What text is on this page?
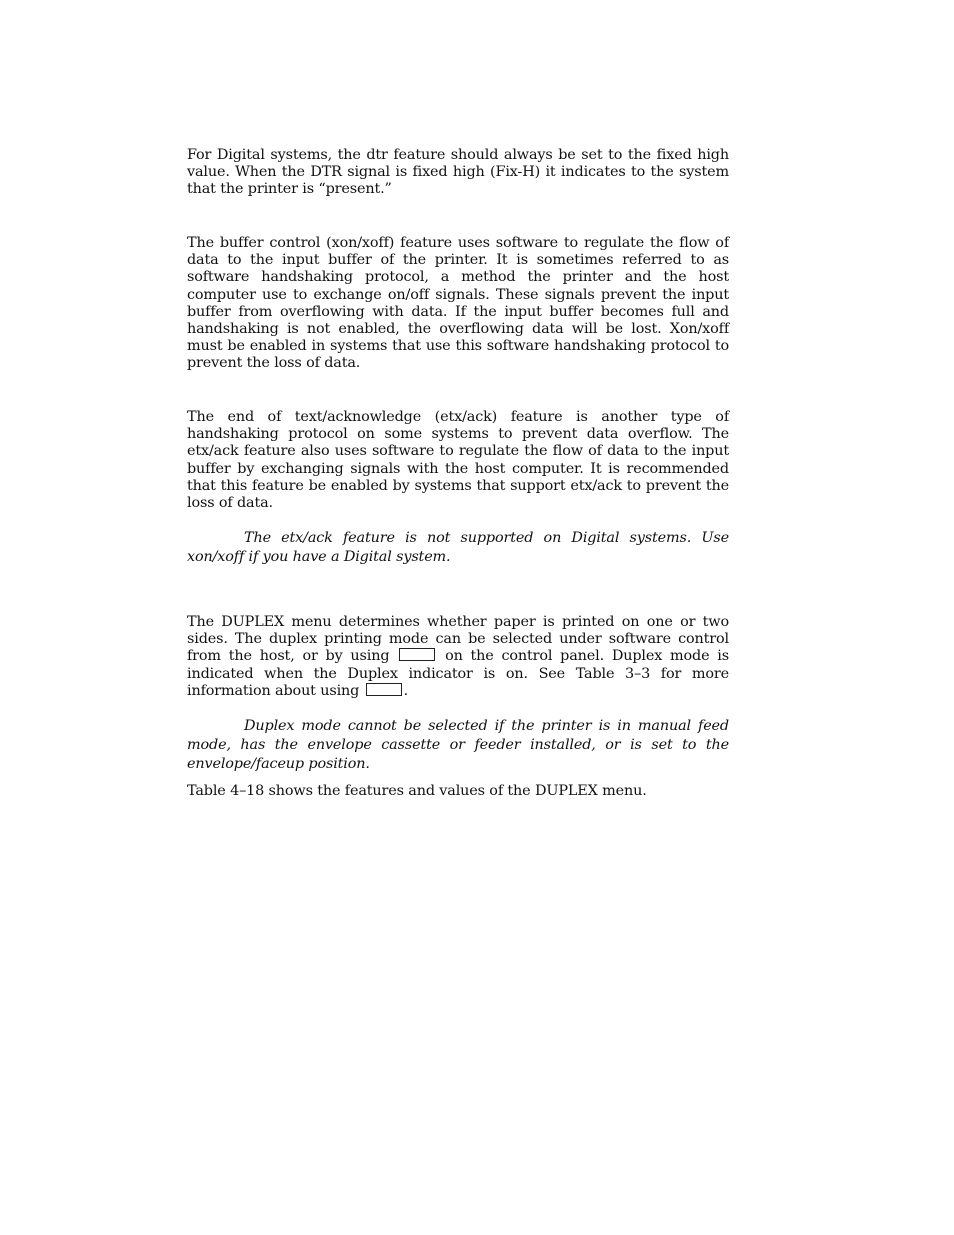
For Digital systems, the dtr feature should always be set to the fixed high value. When the DTR signal is fixed high (Fix-H) it indicates to the system that the printer is “present.”

The buffer control (xon/xoff) feature uses software to regulate the flow of data to the input buffer of the printer. It is sometimes referred to as software handshaking protocol, a method the printer and the host computer use to exchange on/off signals. These signals prevent the input buffer from overflowing with data. If the input buffer becomes full and handshaking is not enabled, the overflowing data will be lost. Xon/xoff must be enabled in systems that use this software handshaking protocol to prevent the loss of data.

The end of text/acknowledge (etx/ack) feature is another type of handshaking protocol on some systems to prevent data overflow. The etx/ack feature also uses software to regulate the flow of data to the input buffer by exchanging signals with the host computer. It is recommended that this feature be enabled by systems that support etx/ack to prevent the loss of data.

The etx/ack feature is not supported on Digital systems. Use xon/xoff if you have a Digital system.

The DUPLEX menu determines whether paper is printed on one or two sides. The duplex printing mode can be selected under software control from the host, or by using	on the control panel. Duplex mode is indicated when the Duplex indicator is on. See Table 3–3 for more information about using	.

Duplex mode cannot be selected if the printer is in manual feed mode, has the envelope cassette or feeder installed, or is set to the envelope/faceup position.

Table 4–18 shows the features and values of the DUPLEX menu.
